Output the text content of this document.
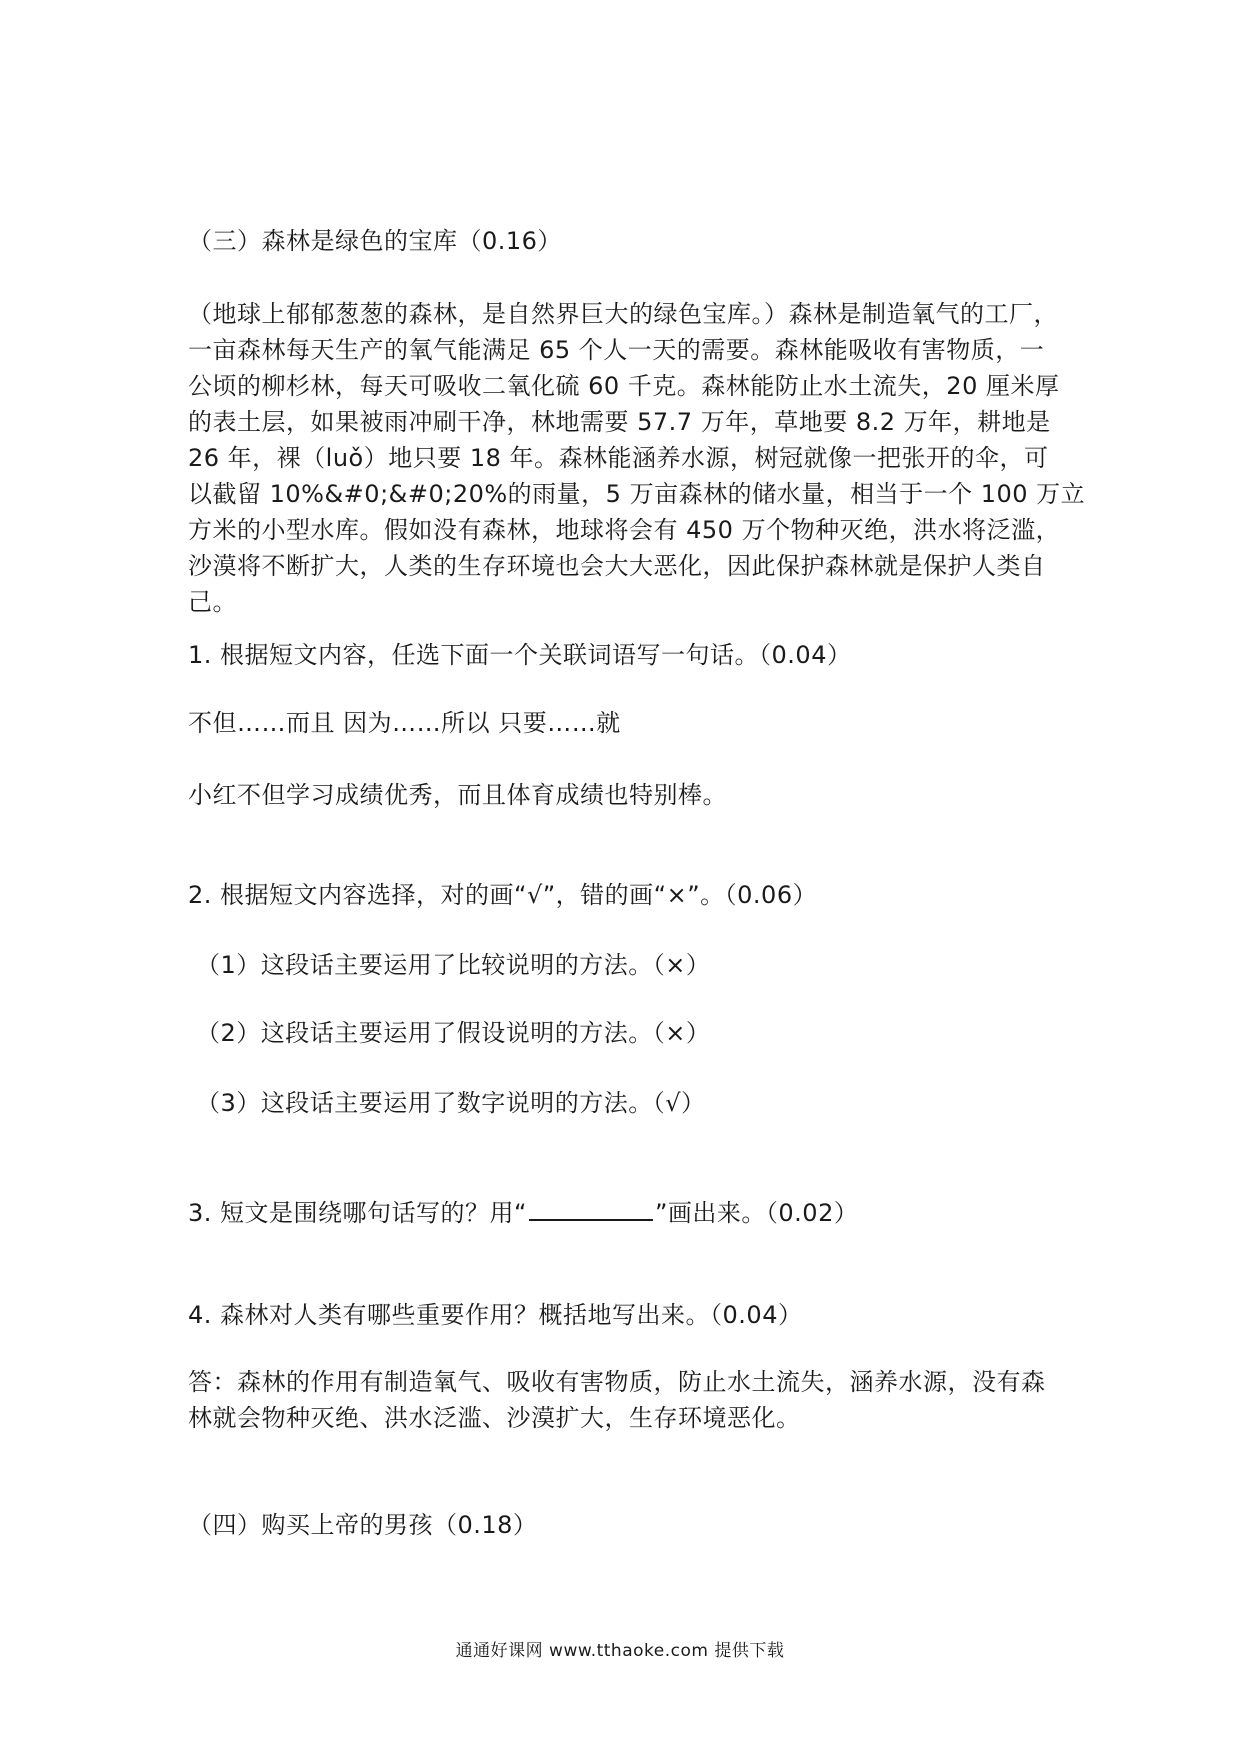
（三）森林是绿色的宝库（0.16）
（地球上郁郁葱葱的森林，是自然界巨大的绿色宝库。）森林是制造氧气的工厂，
一亩森林每天生产的氧气能满足 65 个人一天的需要。森林能吸收有害物质，一
公顷的柳杉林，每天可吸收二氧化硫 60 千克。森林能防止水土流失，20 厘米厚
的表土层，如果被雨冲刷干净，林地需要 57.7 万年，草地要 8.2 万年，耕地是
26 年，裸（luǒ）地只要 18 年。森林能涵养水源，树冠就像一把张开的伞，可
以截留 10%&#0;&#0;20%的雨量，5 万亩森林的储水量，相当于一个 100 万立
方米的小型水库。假如没有森林，地球将会有 450 万个物种灭绝，洪水将泛滥，
沙漠将不断扩大，人类的生存环境也会大大恶化，因此保护森林就是保护人类自
己。
1. 根据短文内容，任选下面一个关联词语写一句话。（0.04）
不但……而且 因为……所以 只要……就
小红不但学习成绩优秀，而且体育成绩也特别棒。
2. 根据短文内容选择，对的画“√”，错的画“×”。（0.06）
（1）这段话主要运用了比较说明的方法。（×）
（2）这段话主要运用了假设说明的方法。（×）
（3）这段话主要运用了数字说明的方法。（√）
3. 短文是围绕哪句话写的？用“	”画出来。（0.02）
4. 森林对人类有哪些重要作用？概括地写出来。（0.04）
答：森林的作用有制造氧气、吸收有害物质，防止水土流失，涵养水源，没有森
林就会物种灭绝、洪水泛滥、沙漠扩大，生存环境恶化。
（四）购买上帝的男孩（0.18）
通通好课网 www.tthaoke.com 提供下载
